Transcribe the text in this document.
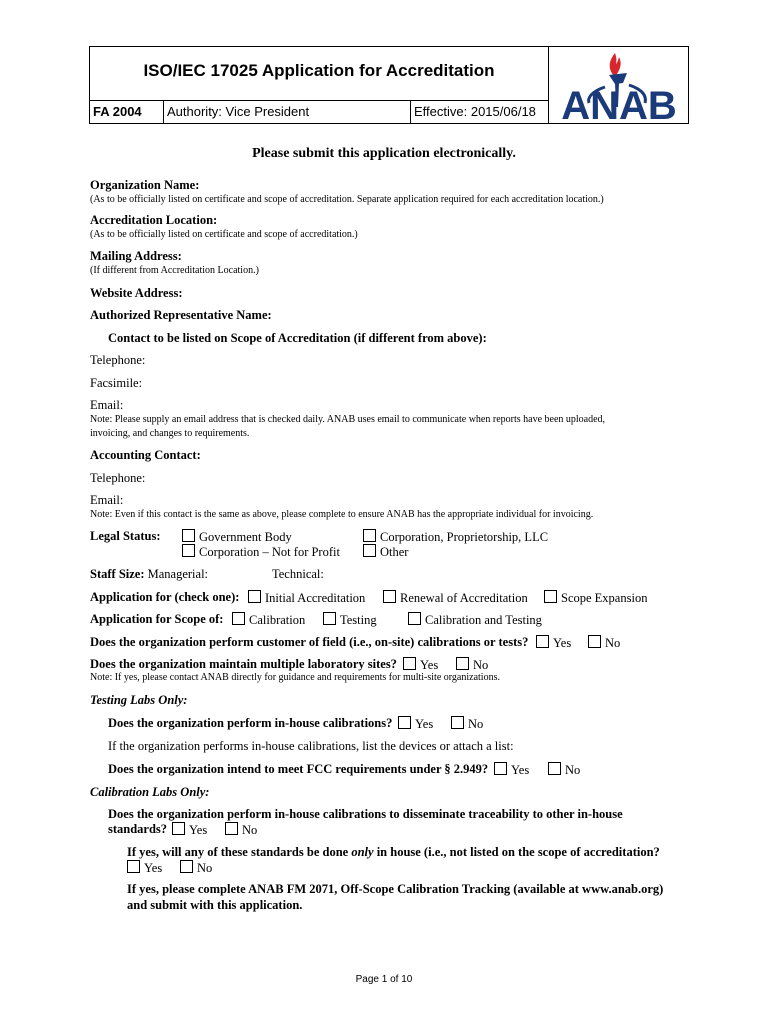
ISO/IEC 17025 Application for Accreditation
FA 2004 Authority: Vice President	Effective: 2015/06/18 ANAB
Please submit this application electronically.
Organization Name:
(As to be officially listed on certificate and scope of accreditation. Separate application required for each accreditation location.)
Accreditation Location:
(As to be officially listed on certificate and scope of accreditation.)
Mailing Address:
(If different from Accreditation Location.)
Website Address:
Authorized Representative Name:
Contact to be listed on Scope of Accreditation (if different from above):
Telephone:
Facsimile:
Email:
Note: Please supply an email address that is checked daily. ANAB uses email to communicate when reports have been uploaded,
invoicing, and changes to requirements.
Accounting Contact:
Telephone:
Email:
Note: Even if this contact is the same as above, please complete to ensure ANAB has the appropriate individual for invoicing.
Legal Status:	Government Body	Corporation, Proprietorship, LLC
Corporation – Not for Profit	Other
Staff Size: Managerial:	Technical:
Application for (check one):	Initial Accreditation	Renewal of Accreditation	Scope Expansion
Application for Scope of:	Calibration	Testing	Calibration and Testing
Does the organization perform customer of field (i.e., on-site) calibrations or tests?	Yes	No
Does the organization maintain multiple laboratory sites?	Yes	No
Note: If yes, please contact ANAB directly for guidance and requirements for multi-site organizations.
Testing Labs Only:
Does the organization perform in-house calibrations?	Yes	No
If the organization performs in-house calibrations, list the devices or attach a list:
Does the organization intend to meet FCC requirements under § 2.949?	Yes	No
Calibration Labs Only:
Does the organization perform in-house calibrations to disseminate traceability to other in-house
standards?	Yes	No
If yes, will any of these standards be done only in house (i.e., not listed on the scope of accreditation?
Yes	No
If yes, please complete ANAB FM 2071, Off-Scope Calibration Tracking (available at www.anab.org)
and submit with this application.
Page 1 of 10
